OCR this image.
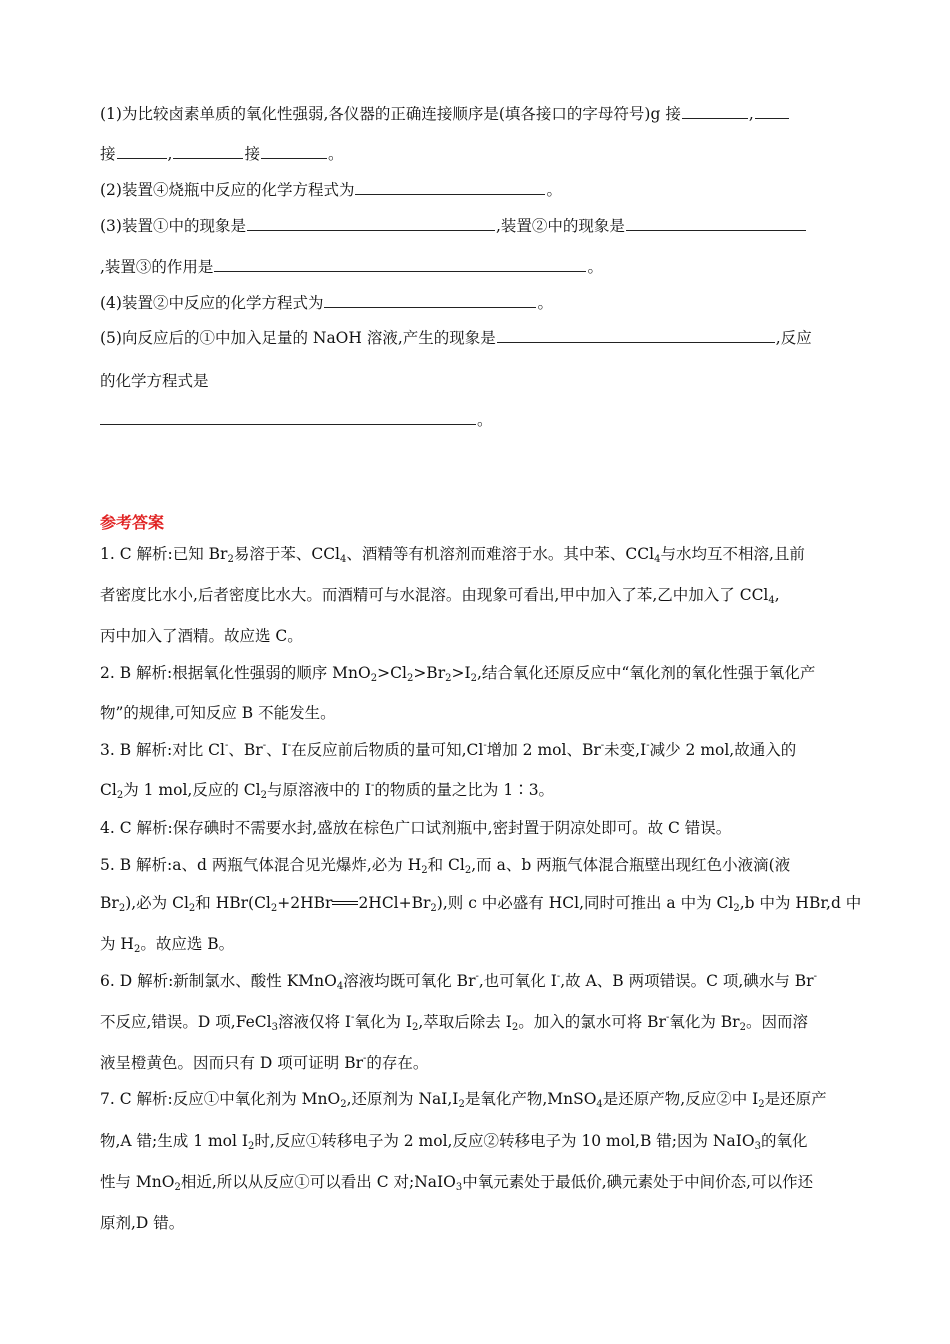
(1)为比较卤素单质的氧化性强弱,各仪器的正确连接顺序是(填各接口的字母符号)g 接	,
接	,	接	。
(2)装置④烧瓶中反应的化学方程式为	。
(3)装置①中的现象是	,装置②中的现象是
,装置③的作用是	。
(4)装置②中反应的化学方程式为	。
(5)向反应后的①中加入足量的 NaOH 溶液,产生的现象是	,反应
的化学方程式是
。
参考答案
1. C 解析:已知 $Br_2$易溶于苯、CCl$_4$、酒精等有机溶剂而难溶于水。其中苯、CCl$_4$与水均互不相溶,且前
者密度比水小,后者密度比水大。而酒精可与水混溶。由现象可看出,甲中加入了苯,乙中加入了 CCl$_4$,
丙中加入了酒精。故应选 C。
2. B 解析:根据氧化性强弱的顺序 $MnO_2>Cl_2>Br_2>I_2$,结合氧化还原反应中“氧化剂的氧化性强于氧化产
物”的规律,可知反应 B 不能发生。
3. B 解析:对比 Cl-、Br-、I-在反应前后物质的量可知,Cl-增加 2 mol、Br-未变,I-减少 2 mol,故通入的
$Cl_2$为 1 mol,反应的 $Cl_2$与原溶液中的 I-的物质的量之比为 1∶3。
4. C 解析:保存碘时不需要水封,盛放在棕色广口试剂瓶中,密封置于阴凉处即可。故 C 错误。
5. B 解析:a、d 两瓶气体混合见光爆炸,必为 $H_2$和 $Cl_2$,而 a、b 两瓶气体混合瓶壁出现红色小液滴(液
$Br_2$),必为 $Cl_2$和 $HBr(Cl_2+2HBr$ $2HCl+Br_2$),则 c 中必盛有 HCl,同时可推出 a 中为 $Cl_2,b$ 中为 HBr,d 中
为 $H_2$。故应选 B。
6. D 解析:新制氯水、酸性 KMnO$_4$溶液均既可氧化 Br-,也可氧化 I-,故 A、B 两项错误。C 项,碘水与 Br-
不反应,错误。D 项,FeCl$_3$溶液仅将 I-氧化为 $I_2$,萃取后除去 $I_2$。加入的氯水可将 Br-氧化为 $Br_2$。因而溶
液呈橙黄色。因而只有 D 项可证明 Br-的存在。
7. C 解析:反应①中氧化剂为 MnO$_2$,还原剂为 $NaI,I_2$是氧化产物,MnSO$_4$是还原产物,反应②中 $I_2$是还原产
物,A 错;生成 1 mol $I_2$时,反应①转移电子为 2 mol,反应②转移电子为 10 mol,B 错;因为 NaIO$_3$的氧化
性与 MnO$_2$相近,所以从反应①可以看出 C 对;NaIO$_3$中氧元素处于最低价,碘元素处于中间价态,可以作还
原剂,D 错。
